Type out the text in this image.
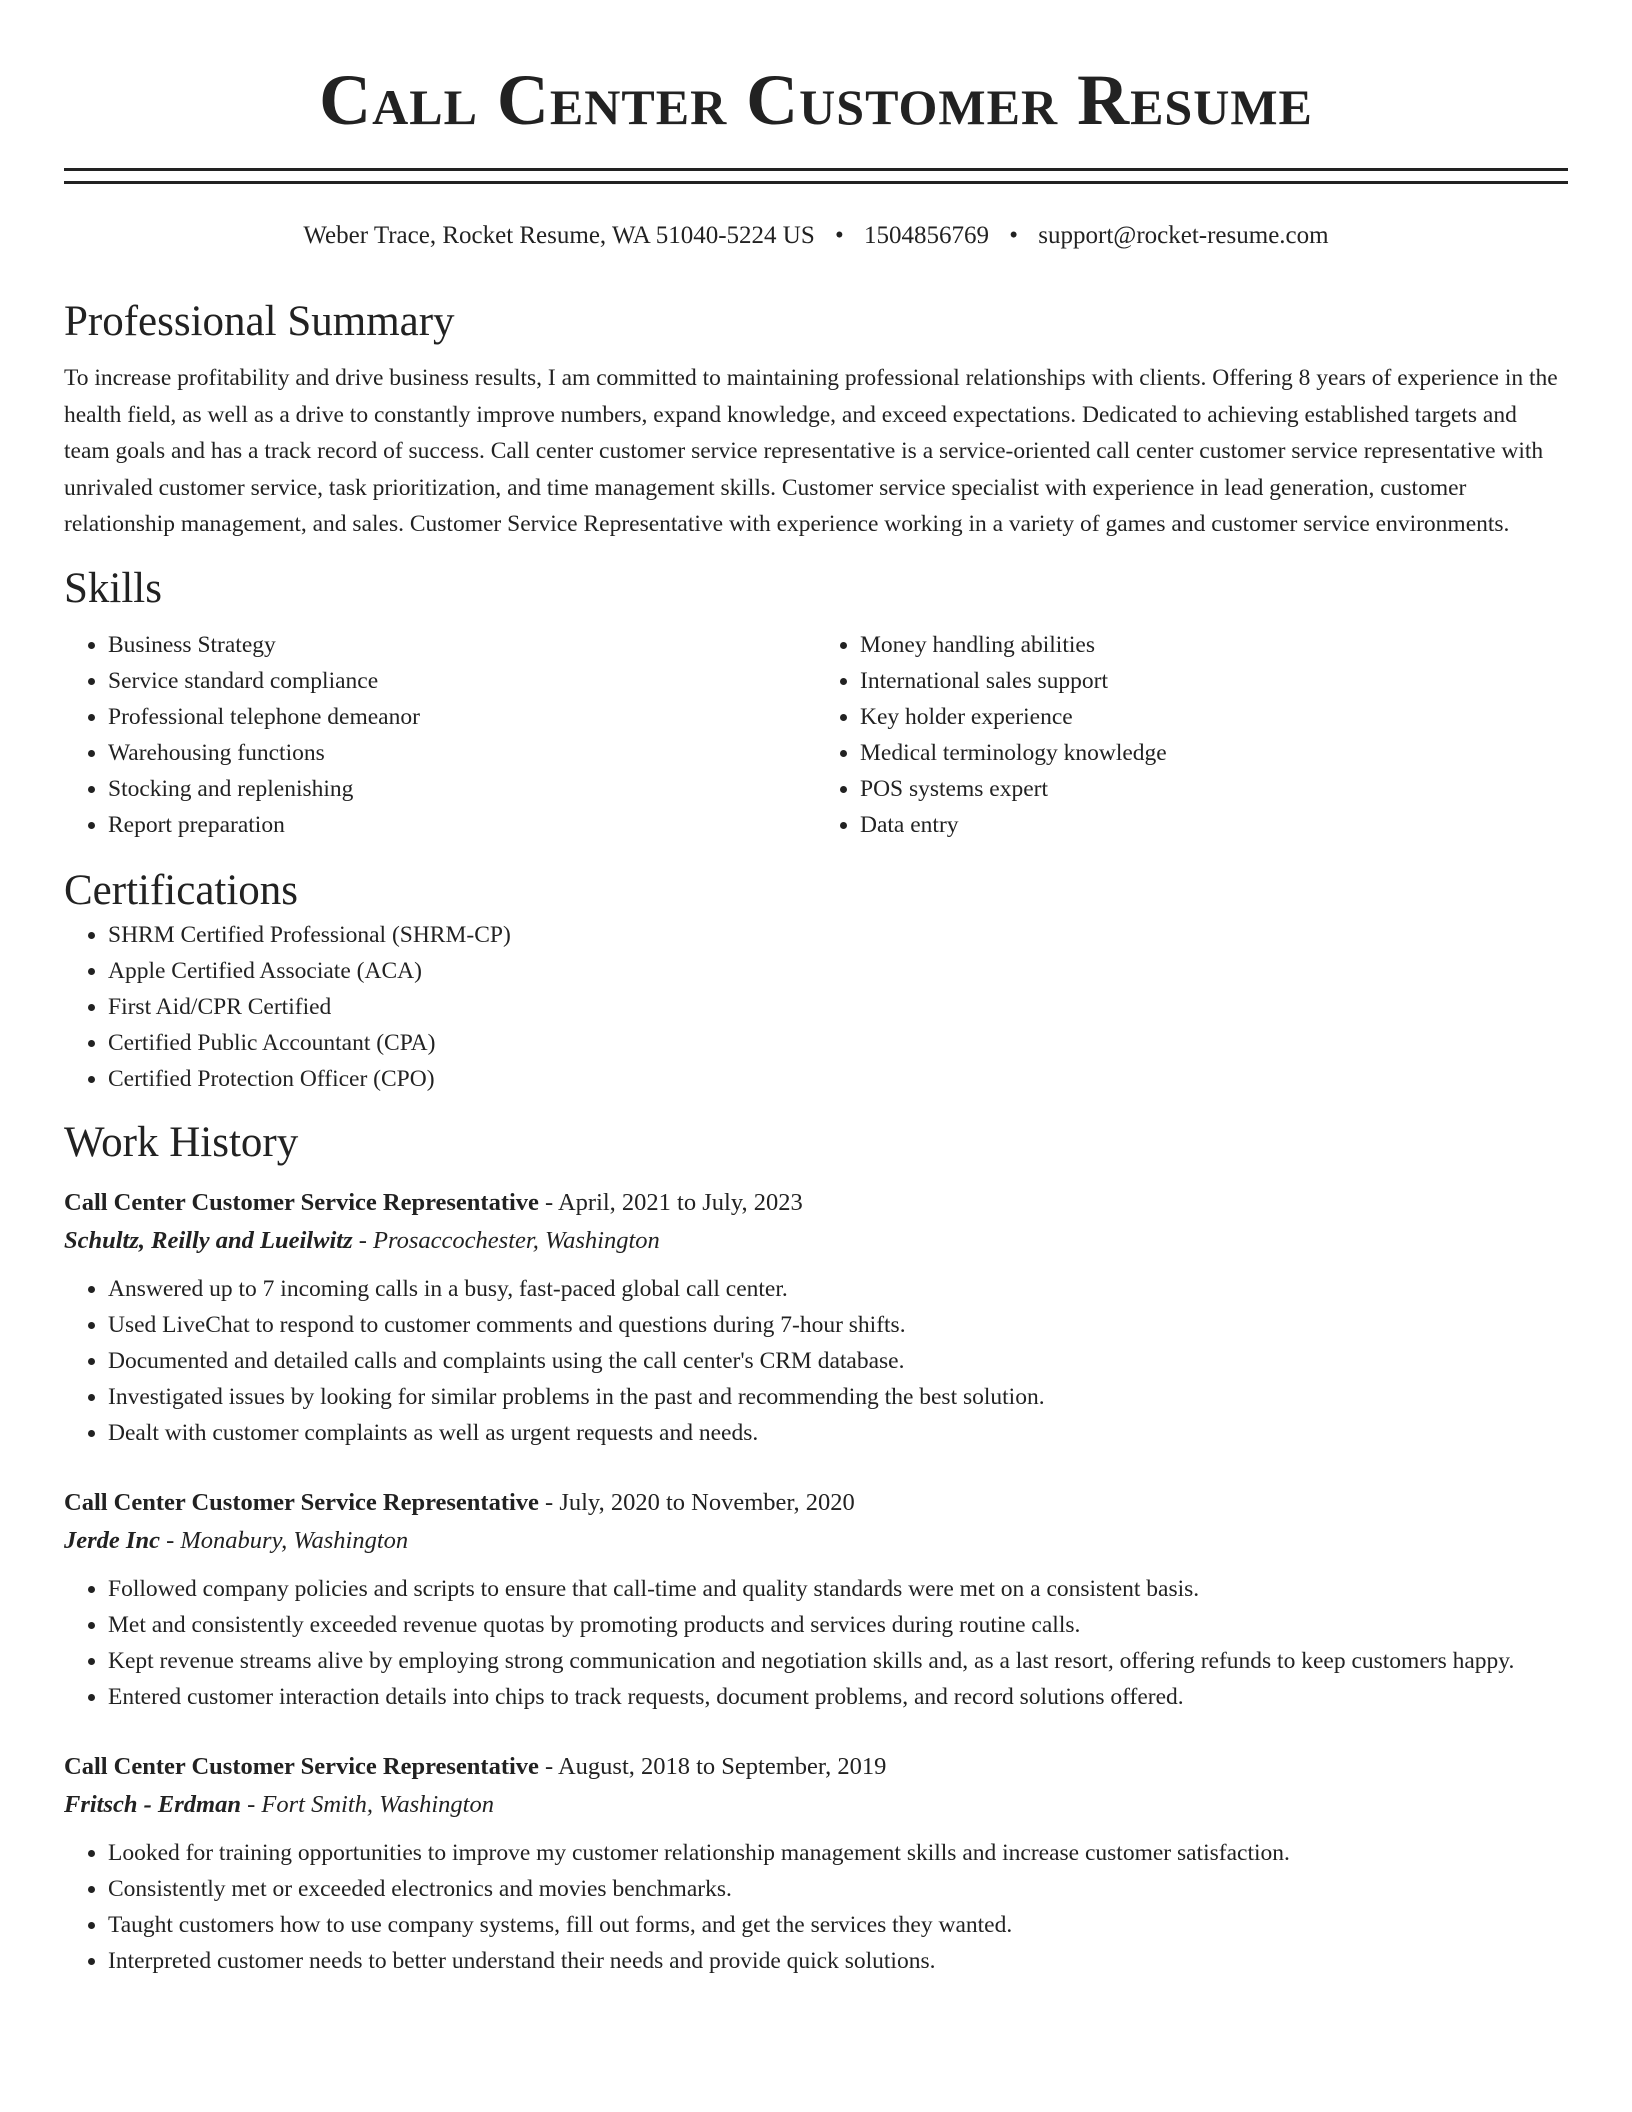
Call Center Customer Resume
Weber Trace, Rocket Resume, WA 51040-5224 US • 1504856769 • support@rocket-resume.com
Professional Summary

To increase profitability and drive business results, I am committed to maintaining professional relationships with clients. Offering 8 years of experience in the health field, as well as a drive to constantly improve numbers, expand knowledge, and exceed expectations. Dedicated to achieving established targets and team goals and has a track record of success. Call center customer service representative is a service-oriented call center customer service representative with unrivaled customer service, task prioritization, and time management skills. Customer service specialist with experience in lead generation, customer relationship management, and sales. Customer Service Representative with experience working in a variety of games and customer service environments.

Skills
• Business Strategy
• Service standard compliance
• Professional telephone demeanor
• Warehousing functions
• Stocking and replenishing
• Report preparation
• Money handling abilities
• International sales support
• Key holder experience
• Medical terminology knowledge
• POS systems expert
• Data entry
Certifications
• SHRM Certified Professional (SHRM-CP)
• Apple Certified Associate (ACA)
• First Aid/CPR Certified
• Certified Public Accountant (CPA)
• Certified Protection Officer (CPO)
Work History
Call Center Customer Service Representative - April, 2021 to July, 2023
Schultz, Reilly and Lueilwitz - Prosaccochester, Washington
• Answered up to 7 incoming calls in a busy, fast-paced global call center.
• Used LiveChat to respond to customer comments and questions during 7-hour shifts.
• Documented and detailed calls and complaints using the call center's CRM database.
• Investigated issues by looking for similar problems in the past and recommending the best solution.
• Dealt with customer complaints as well as urgent requests and needs.
Call Center Customer Service Representative - July, 2020 to November, 2020
Jerde Inc - Monabury, Washington
• Followed company policies and scripts to ensure that call-time and quality standards were met on a consistent basis.
• Met and consistently exceeded revenue quotas by promoting products and services during routine calls.
• Kept revenue streams alive by employing strong communication and negotiation skills and, as a last resort, offering refunds to keep customers happy.
• Entered customer interaction details into chips to track requests, document problems, and record solutions offered.
Call Center Customer Service Representative - August, 2018 to September, 2019
Fritsch - Erdman - Fort Smith, Washington
• Looked for training opportunities to improve my customer relationship management skills and increase customer satisfaction.
• Consistently met or exceeded electronics and movies benchmarks.
• Taught customers how to use company systems, fill out forms, and get the services they wanted.
• Interpreted customer needs to better understand their needs and provide quick solutions.
